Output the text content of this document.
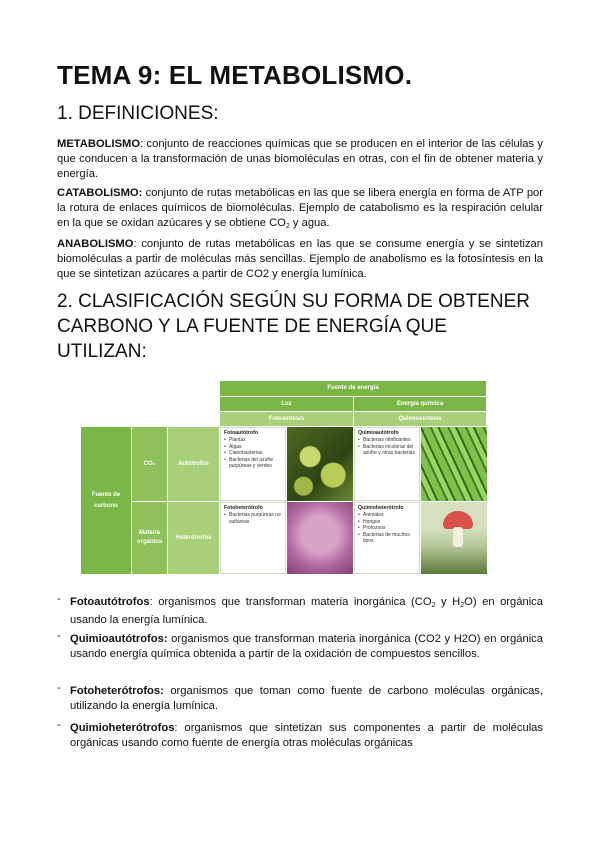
TEMA 9: EL METABOLISMO.
1. DEFINICIONES:

METABOLISMO: conjunto de reacciones químicas que se producen en el interior de las células y que conducen a la transformación de unas biomoléculas en otras, con el fin de obtener materia y energía.

CATABOLISMO: conjunto de rutas metabólicas en las que se libera energía en forma de ATP por la rotura de enlaces químicos de biomoléculas. Ejemplo de catabolismo es la respiración celular en la que se oxidan azúcares y se obtiene $CO_2$ y agua.

ANABOLISMO: conjunto de rutas metabólicas en las que se consume energía y se sintetizan biomoléculas a partir de moléculas más sencillas. Ejemplo de anabolismo es la fotosíntesis en la que se sintetizan azúcares a partir de CO2 y energía lumínica.

2. CLASIFICACIÓN SEGÚN SU FORMA DE OBTENER CARBONO Y LA FUENTE DE ENERGÍA QUE UTILIZAN:
Fuente de energía
Luz	Energía química
Fotosíntesis	Quimiosíntesis
Fuente de carbono
CO₂
Materia orgánica
Autótrofos
Heterótrofos
Fotoautótrofo
• Plantas
• Algas
• Cianobacterias
• Bacterias del azufre purpúreas y verdes
Quimioautótrofo
• Bacterias nitrificantes
• Bacterias incoloras del azufre y otras bacterias
Fotoheterótrofo
• Bacterias purpúreas no sulfúreas
Quimioheterótrofo
• Animales
• Hongos
• Protozoos
• Bacterias de muchos tipos
- Fotoautótrofos: organismos que transforman materia inorgánica ($CO_2$ y $H_2O$) en orgánica usando la energía lumínica.
- Quimioautótrofos: organismos que transforman materia inorgánica (CO2 y H2O) en orgánica usando energía química obtenida a partir de la oxidación de compuestos sencillos.
- Fotoheterótrofos: organismos que toman como fuente de carbono moléculas orgánicas, utilizando la energía lumínica.
- Quimioheterótrofos: organismos que sintetizan sus componentes a partir de moléculas orgánicas usando como fuente de energía otras moléculas orgánicas
